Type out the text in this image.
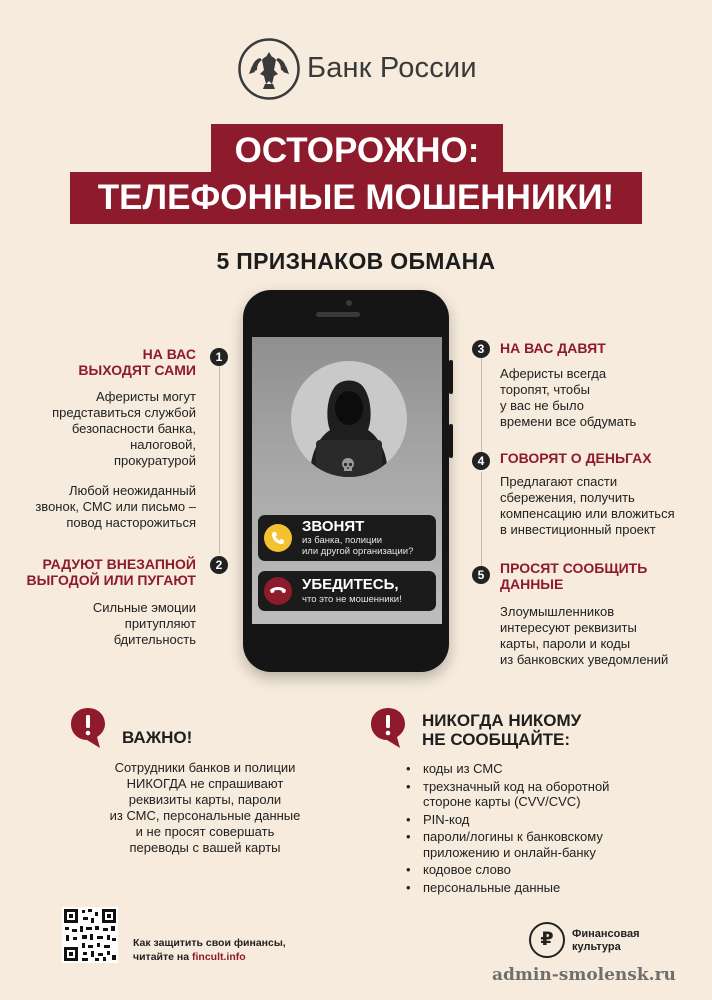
Банк России
ОСТОРОЖНО:
ТЕЛЕФОННЫЕ МОШЕННИКИ!
5 ПРИЗНАКОВ ОБМАНА
1
НА ВАС
ВЫХОДЯТ САМИ
Аферисты могут
представиться службой
безопасности банка,
налоговой,
прокуратурой
Любой неожиданный
звонок, СМС или письмо –
повод насторожиться
2
РАДУЮТ ВНЕЗАПНОЙ
ВЫГОДОЙ ИЛИ ПУГАЮТ
Сильные эмоции
притупляют
бдительность
3	НА ВАС ДАВЯТ
Аферисты всегда
торопят, чтобы
у вас не было
времени все обдумать
4	ГОВОРЯТ О ДЕНЬГАХ
Предлагают спасти
сбережения, получить
компенсацию или вложиться
в инвестиционный проект
5	ПРОСЯТ СООБЩИТЬ
ДАННЫЕ
Злоумышленников
интересуют реквизиты
карты, пароли и коды
из банковских уведомлений
ЗВОНЯТ
из банка, полиции
или другой организации?
УБЕДИТЕСЬ,
что это не мошенники!
ВАЖНО!
Сотрудники банков и полиции
НИКОГДА не спрашивают
реквизиты карты, пароли
из СМС, персональные данные
и не просят совершать
переводы с вашей карты
НИКОГДА НИКОМУ
НЕ СООБЩАЙТЕ:
• коды из СМС
• трехзначный код на оборотной
стороне карты (CVV/CVC)
• PIN-код
• пароли/логины к банковскому
приложению и онлайн-банку
• кодовое слово
• персональные данные
Как защитить свои финансы,
читайте на fincult.info
₽	Финансовая
культура
admin-smolensk.ru
